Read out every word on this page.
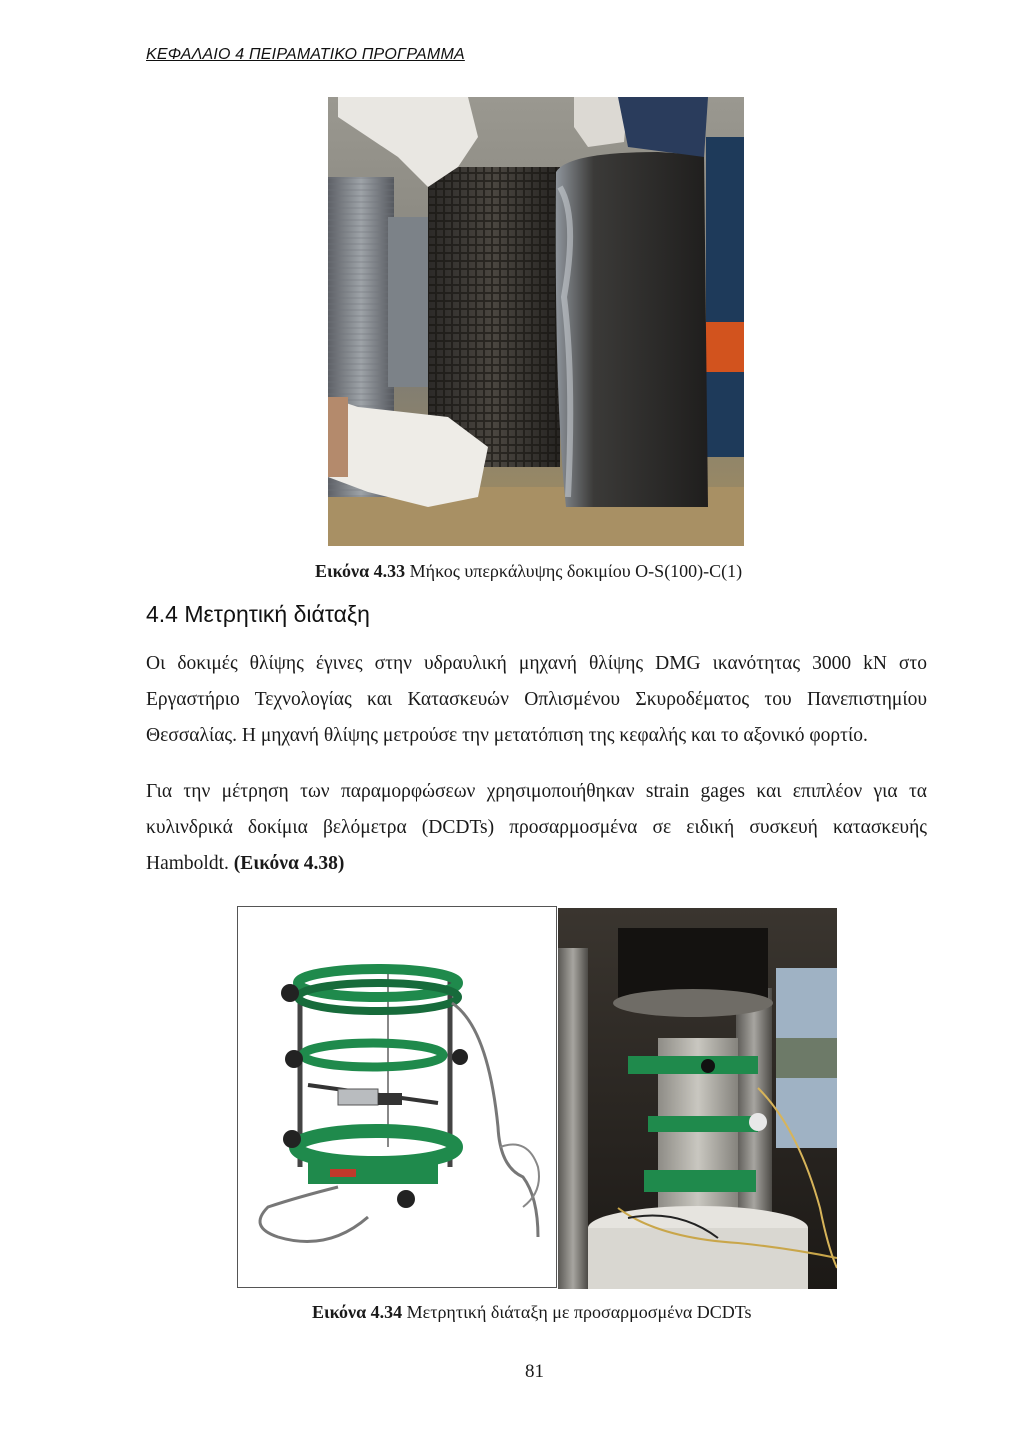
ΚΕΦΑΛΑΙΟ 4 ΠΕΙΡΑΜΑΤΙΚΟ ΠΡΟΓΡΑΜΜΑ
Εικόνα 4.33 Μήκος υπερκάλυψης δοκιμίου O-S(100)-C(1)
4.4 Μετρητική διάταξη

Οι δοκιμές θλίψης έγινες στην υδραυλική μηχανή θλίψης DMG ικανότητας 3000 kN στο Εργαστήριο Τεχνολογίας και Κατασκευών Οπλισμένου Σκυροδέματος του Πανεπιστημίου Θεσσαλίας. Η μηχανή θλίψης μετρούσε την μετατόπιση της κεφαλής και το αξονικό φορτίο.

Για την μέτρηση των παραμορφώσεων χρησιμοποιήθηκαν strain gages και επιπλέον για τα κυλινδρικά δοκίμια βελόμετρα (DCDTs) προσαρμοσμένα σε ειδική συσκευή κατασκευής Hamboldt. (Εικόνα 4.38)

Εικόνα 4.34 Μετρητική διάταξη με προσαρμοσμένα DCDTs
81
